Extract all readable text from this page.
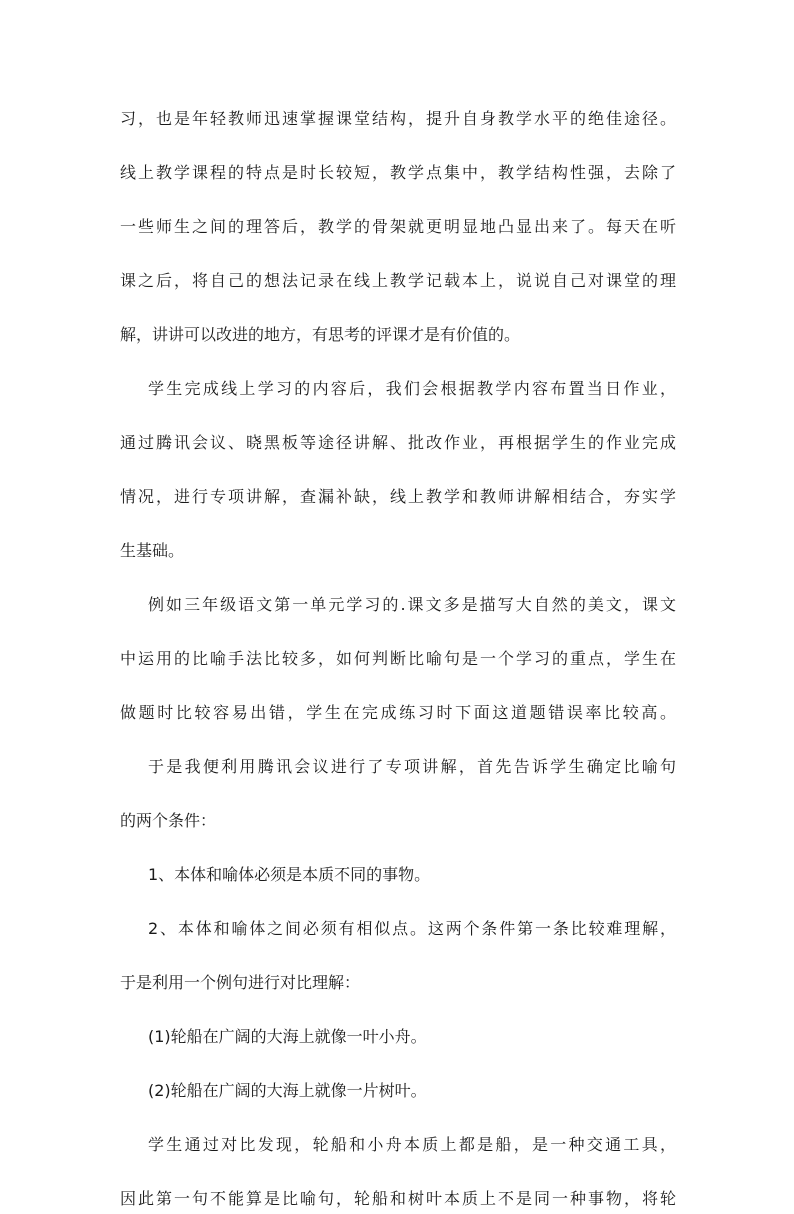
习，也是年轻教师迅速掌握课堂结构，提升自身教学水平的绝佳途径。
线上教学课程的特点是时长较短，教学点集中，教学结构性强，去除了
一些师生之间的理答后，教学的骨架就更明显地凸显出来了。每天在听
课之后，将自己的想法记录在线上教学记载本上，说说自己对课堂的理
解，讲讲可以改进的地方，有思考的评课才是有价值的。
学生完成线上学习的内容后，我们会根据教学内容布置当日作业，
通过腾讯会议、晓黑板等途径讲解、批改作业，再根据学生的作业完成
情况，进行专项讲解，查漏补缺，线上教学和教师讲解相结合，夯实学
生基础。
例如三年级语文第一单元学习的.课文多是描写大自然的美文，课文
中运用的比喻手法比较多，如何判断比喻句是一个学习的重点，学生在
做题时比较容易出错，学生在完成练习时下面这道题错误率比较高。
于是我便利用腾讯会议进行了专项讲解，首先告诉学生确定比喻句
的两个条件：
1、本体和喻体必须是本质不同的事物。
2、本体和喻体之间必须有相似点。这两个条件第一条比较难理解，
于是利用一个例句进行对比理解：
(1)轮船在广阔的大海上就像一叶小舟。
(2)轮船在广阔的大海上就像一片树叶。
学生通过对比发现，轮船和小舟本质上都是船，是一种交通工具，
因此第一句不能算是比喻句，轮船和树叶本质上不是同一种事物，将轮
